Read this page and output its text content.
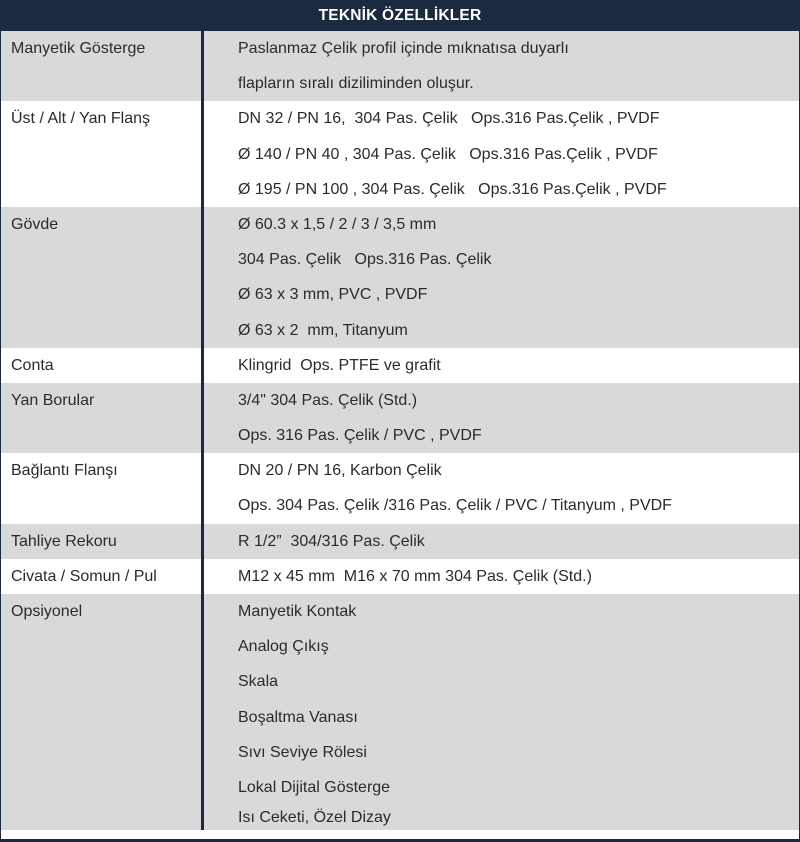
TEKNİK ÖZELLİKLER
Manyetik Gösterge	Paslanmaz Çelik profil içinde mıknatısa duyarlı
flapların sıralı diziliminden oluşur.
Üst / Alt / Yan Flanş	DN 32 / PN 16,  304 Pas. Çelik   Ops.316 Pas.Çelik , PVDF
Ø 140 / PN 40 , 304 Pas. Çelik   Ops.316 Pas.Çelik , PVDF
Ø 195 / PN 100 , 304 Pas. Çelik   Ops.316 Pas.Çelik , PVDF
Gövde	Ø 60.3 x 1,5 / 2 / 3 / 3,5 mm
304 Pas. Çelik   Ops.316 Pas. Çelik
Ø 63 x 3 mm, PVC , PVDF
Ø 63 x 2  mm, Titanyum
Conta	Klingrid  Ops. PTFE ve grafit
Yan Borular	3/4" 304 Pas. Çelik (Std.)
Ops. 316 Pas. Çelik / PVC , PVDF
Bağlantı Flanşı	DN 20 / PN 16, Karbon Çelik
Ops. 304 Pas. Çelik /316 Pas. Çelik / PVC / Titanyum , PVDF
Tahliye Rekoru	R 1/2”  304/316 Pas. Çelik
Civata / Somun / Pul	M12 x 45 mm  M16 x 70 mm 304 Pas. Çelik (Std.)
Opsiyonel	Manyetik Kontak
Analog Çıkış
Skala
Boşaltma Vanası
Sıvı Seviye Rölesi
Lokal Dijital Gösterge
Isı Ceketi, Özel Dizay
